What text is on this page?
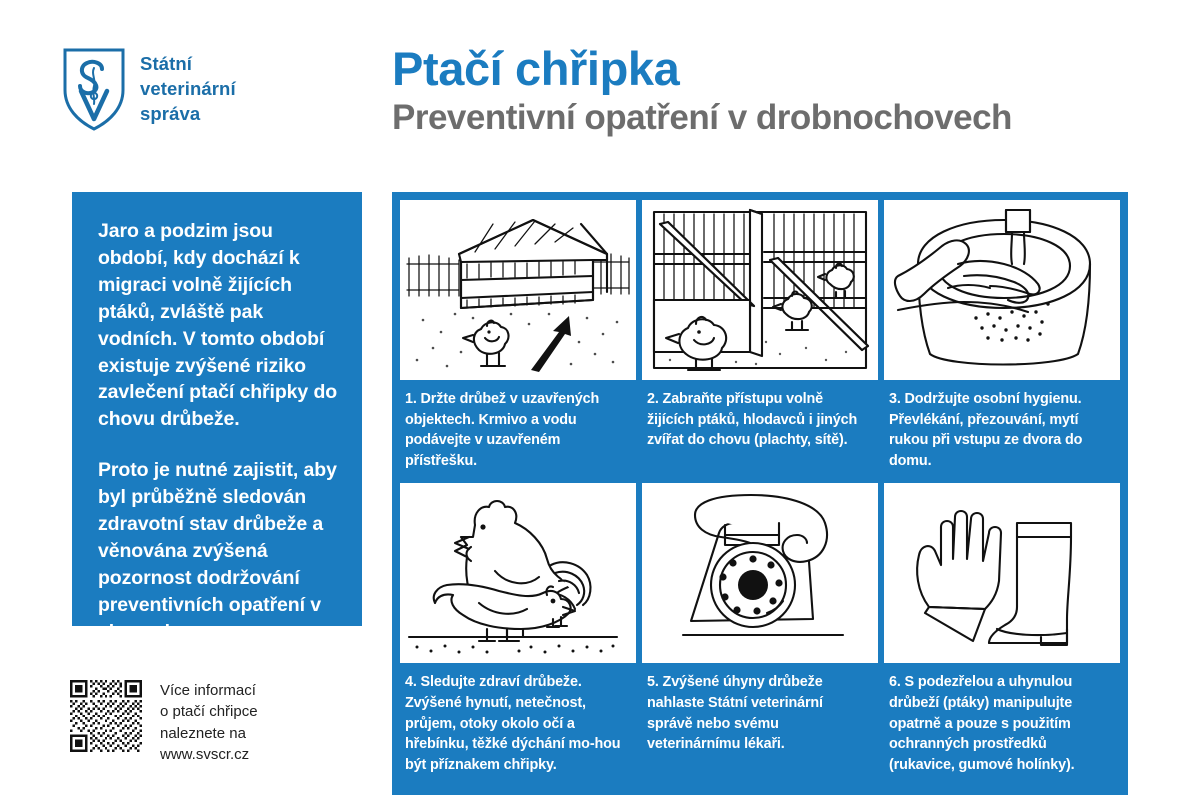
Státní
veterinární
správa
Ptačí chřipka
Preventivní opatření v drobnochovech
Jaro a podzim jsou období, kdy dochází k migraci volně žijících ptáků, zvláště pak vodních. V tomto období existuje zvýšené riziko zavlečení ptačí chřipky do chovu drůbeže.
Proto je nutné zajistit, aby byl průběžně sledován zdravotní stav drůbeže a věnována zvýšená pozornost dodržování preventivních opatření v chovech.
1. Držte drůbež v uzavřených objektech. Krmivo a vodu podávejte v uzavřeném přístřešku.
2. Zabraňte přístupu volně žijících ptáků, hlodavců i jiných zvířat do chovu (plachty, sítě).
3. Dodržujte osobní hygienu. Převlékání, přezouvání, mytí rukou při vstupu ze dvora do domu.
4. Sledujte zdraví drůbeže. Zvýšené hynutí, netečnost, průjem, otoky okolo očí a hřebínku, těžké dýchání mo-hou být příznakem chřipky.
5. Zvýšené úhyny drůbeže nahlaste Státní veterinární správě nebo svému veterinárnímu lékaři.
6. S podezřelou a uhynulou drůbeží (ptáky) manipulujte opatrně a pouze s použitím ochranných prostředků (rukavice, gumové holínky).
Více informací
o ptačí chřipce
naleznete na
www.svscr.cz
